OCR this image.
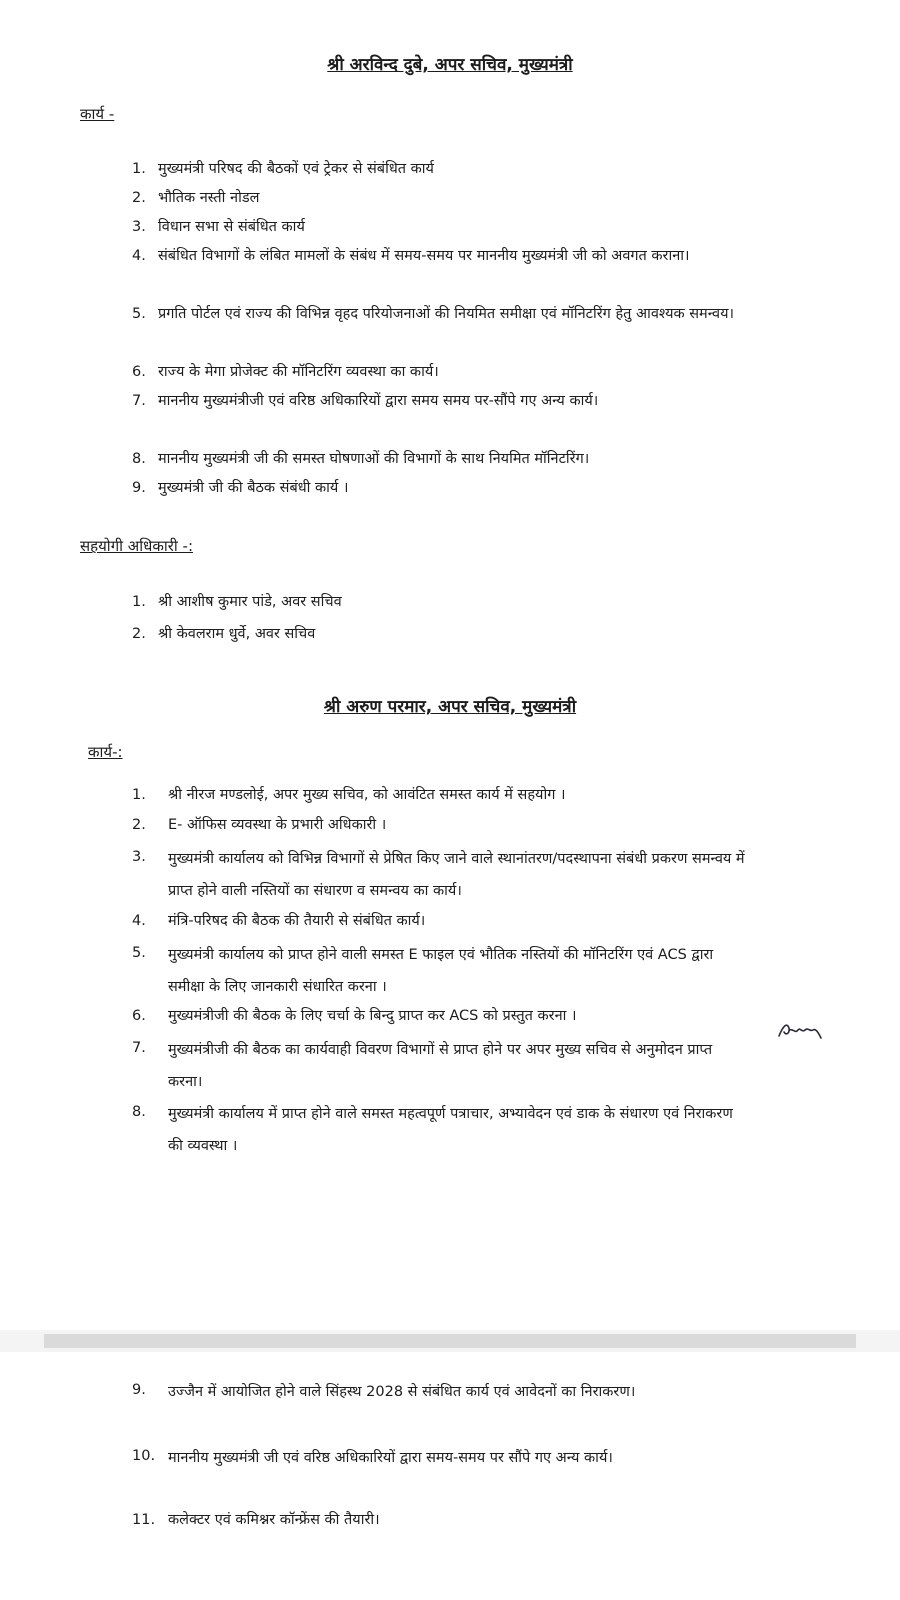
श्री अरविन्द दुबे, अपर सचिव, मुख्यमंत्री
कार्य -
1. मुख्यमंत्री परिषद की बैठकों एवं ट्रेकर से संबंधित कार्य
2. भौतिक नस्ती नोडल
3. विधान सभा से संबंधित कार्य
4. संबंधित विभागों के लंबित मामलों के संबंध में समय-समय पर माननीय मुख्यमंत्री जी को अवगत कराना।
5. प्रगति पोर्टल एवं राज्य की विभिन्न वृहद परियोजनाओं की नियमित समीक्षा एवं मॉनिटरिंग हेतु आवश्यक समन्वय।
6. राज्य के मेगा प्रोजेक्ट की मॉनिटरिंग व्यवस्था का कार्य।
7. माननीय मुख्यमंत्रीजी एवं वरिष्ठ अधिकारियों द्वारा समय समय पर-सौंपे गए अन्य कार्य।
8. माननीय मुख्यमंत्री जी की समस्त घोषणाओं की विभागों के साथ नियमित मॉनिटरिंग।
9. मुख्यमंत्री जी की बैठक संबंधी कार्य ।
सहयोगी अधिकारी -:
1. श्री आशीष कुमार पांडे, अवर सचिव
2. श्री केवलराम धुर्वे, अवर सचिव
श्री अरुण परमार, अपर सचिव, मुख्यमंत्री
कार्य-:
1. श्री नीरज मण्डलोई, अपर मुख्य सचिव, को आवंटित समस्त कार्य में सहयोग ।
2. E- ऑफिस व्यवस्था के प्रभारी अधिकारी ।
3. मुख्यमंत्री कार्यालय को विभिन्न विभागों से प्रेषित किए जाने वाले स्थानांतरण/पदस्थापना संबंधी प्रकरण समन्वय में प्राप्त होने वाली नस्तियों का संधारण व समन्वय का कार्य।
4. मंत्रि-परिषद की बैठक की तैयारी से संबंधित कार्य।
5. मुख्यमंत्री कार्यालय को प्राप्त होने वाली समस्त E फाइल एवं भौतिक नस्तियों की मॉनिटरिंग एवं ACS द्वारा समीक्षा के लिए जानकारी संधारित करना ।
6. मुख्यमंत्रीजी की बैठक के लिए चर्चा के बिन्दु प्राप्त कर ACS को प्रस्तुत करना ।
7. मुख्यमंत्रीजी की बैठक का कार्यवाही विवरण विभागों से प्राप्त होने पर अपर मुख्य सचिव से अनुमोदन प्राप्त करना।
8. मुख्यमंत्री कार्यालय में प्राप्त होने वाले समस्त महत्वपूर्ण पत्राचार, अभ्यावेदन एवं डाक के संधारण एवं निराकरण की व्यवस्था ।
9. उज्जैन में आयोजित होने वाले सिंहस्थ 2028 से संबंधित कार्य एवं आवेदनों का निराकरण।
10. माननीय मुख्यमंत्री जी एवं वरिष्ठ अधिकारियों द्वारा समय-समय पर सौंपे गए अन्य कार्य।
11. कलेक्टर एवं कमिश्नर कॉन्फ्रेंस की तैयारी।
